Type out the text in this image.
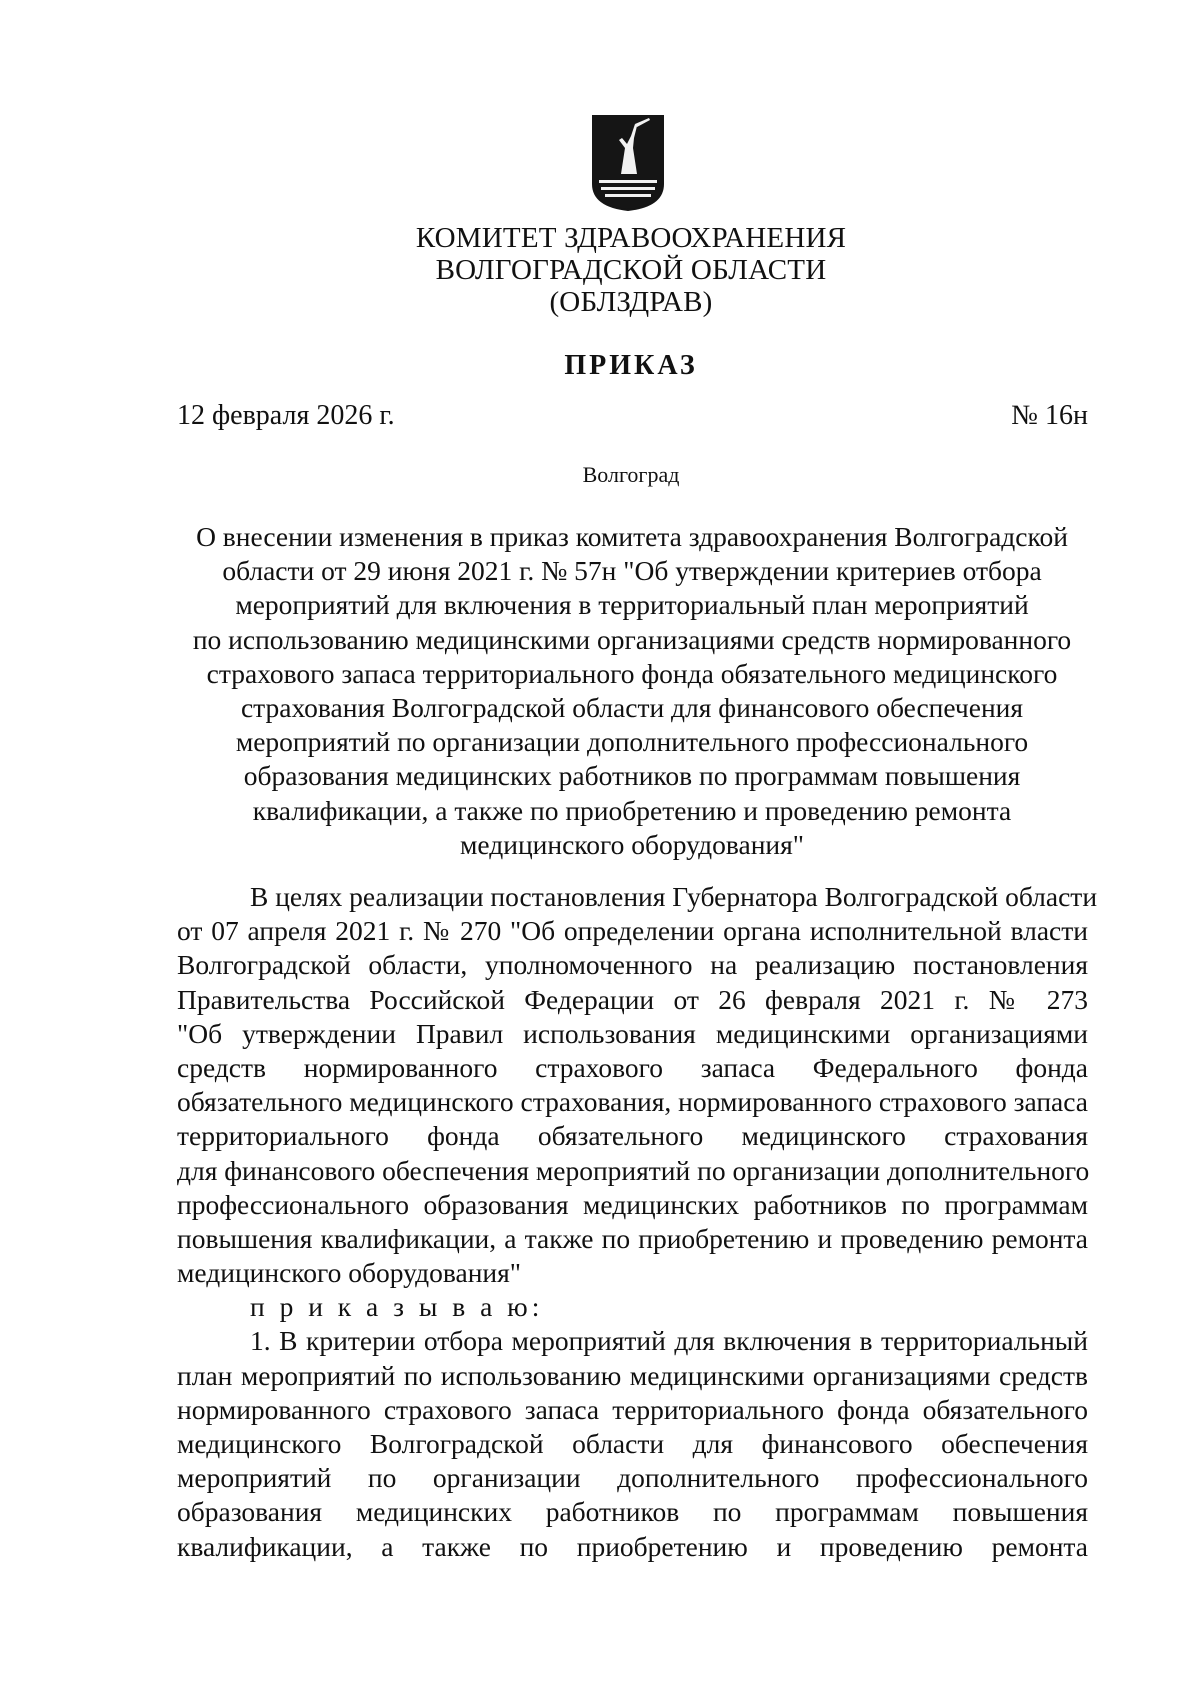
КОМИТЕТ ЗДРАВООХРАНЕНИЯ
ВОЛГОГРАДСКОЙ ОБЛАСТИ
(ОБЛЗДРАВ)
ПРИКАЗ
12 февраля 2026 г.	№ 16н
Волгоград
О внесении изменения в приказ комитета здравоохранения Волгоградской
области от 29 июня 2021 г. № 57н "Об утверждении критериев отбора
мероприятий для включения в территориальный план мероприятий
по использованию медицинскими организациями средств нормированного
страхового запаса территориального фонда обязательного медицинского
страхования Волгоградской области для финансового обеспечения
мероприятий по организации дополнительного профессионального
образования медицинских работников по программам повышения
квалификации, а также по приобретению и проведению ремонта
медицинского оборудования"
В целях реализации постановления Губернатора Волгоградской области
от 07 апреля 2021 г. № 270 "Об определении органа исполнительной власти
Волгоградской области, уполномоченного на реализацию постановления
Правительства Российской Федерации от 26 февраля 2021 г. № 273
"Об утверждении Правил использования медицинскими организациями
средств нормированного страхового запаса Федерального фонда
обязательного медицинского страхования, нормированного страхового запаса
территориального фонда обязательного медицинского страхования
для финансового обеспечения мероприятий по организации дополнительного
профессионального образования медицинских работников по программам
повышения квалификации, а также по приобретению и проведению ремонта
медицинского оборудования"
п р и к а з ы в а ю:
1. В критерии отбора мероприятий для включения в территориальный
план мероприятий по использованию медицинскими организациями средств
нормированного страхового запаса территориального фонда обязательного
медицинского Волгоградской области для финансового обеспечения
мероприятий по организации дополнительного профессионального
образования медицинских работников по программам повышения
квалификации, а также по приобретению и проведению ремонта
